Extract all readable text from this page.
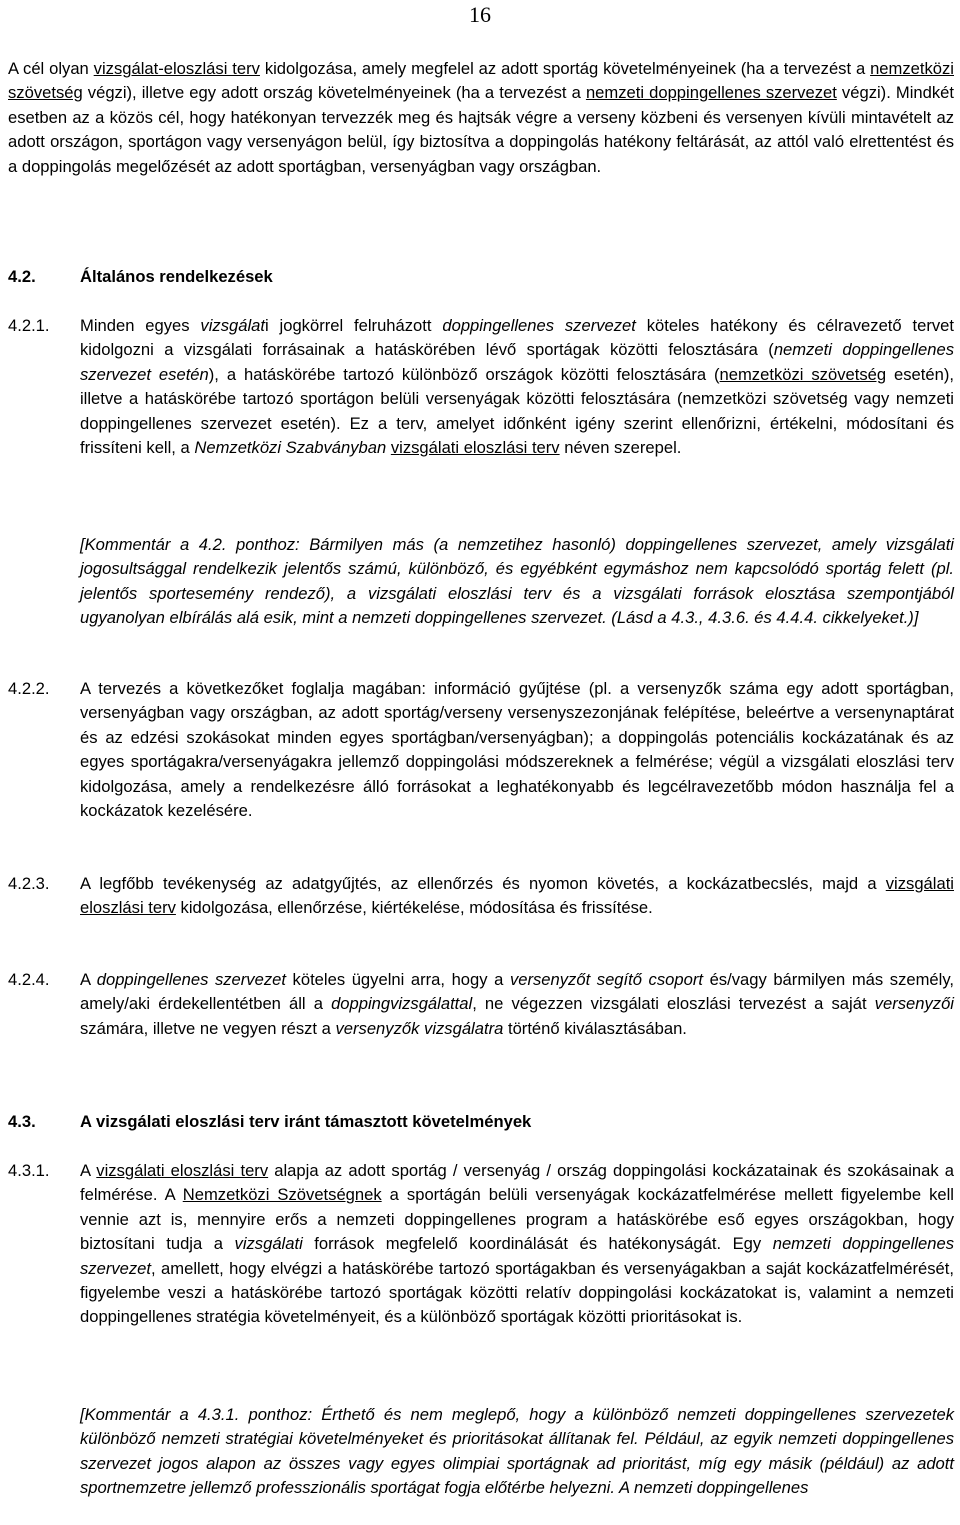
16

A cél olyan vizsgálat-eloszlási terv kidolgozása, amely megfelel az adott sportág követelményeinek (ha a tervezést a nemzetközi szövetség végzi), illetve egy adott ország követelményeinek (ha a tervezést a nemzeti doppingellenes szervezet végzi). Mindkét esetben az a közös cél, hogy hatékonyan tervezzék meg és hajtsák végre a verseny közbeni és versenyen kívüli mintavételt az adott országon, sportágon vagy versenyágon belül, így biztosítva a doppingolás hatékony feltárását, az attól való elrettentést és a doppingolás megelőzését az adott sportágban, versenyágban vagy országban.

4.2.	Általános rendelkezések
4.2.1. Minden egyes vizsgálati jogkörrel felruházott doppingellenes szervezet köteles hatékony és célravezető tervet kidolgozni a vizsgálati forrásainak a hatáskörében lévő sportágak közötti felosztására (nemzeti doppingellenes szervezet esetén), a hatáskörébe tartozó különböző országok közötti felosztására (nemzetközi szövetség esetén), illetve a hatáskörébe tartozó sportágon belüli versenyágak közötti felosztására (nemzetközi szövetség vagy nemzeti doppingellenes szervezet esetén). Ez a terv, amelyet időnként igény szerint ellenőrizni, értékelni, módosítani és frissíteni kell, a Nemzetközi Szabványban vizsgálati eloszlási terv néven szerepel.

[Kommentár a 4.2. ponthoz: Bármilyen más (a nemzetihez hasonló) doppingellenes szervezet, amely vizsgálati jogosultsággal rendelkezik jelentős számú, különböző, és egyébként egymáshoz nem kapcsolódó sportág felett (pl. jelentős sportesemény rendező), a vizsgálati eloszlási terv és a vizsgálati források elosztása szempontjából ugyanolyan elbírálás alá esik, mint a nemzeti doppingellenes szervezet. (Lásd a 4.3., 4.3.6. és 4.4.4. cikkelyeket.)]

4.2.2. A tervezés a következőket foglalja magában: információ gyűjtése (pl. a versenyzők száma egy adott sportágban, versenyágban vagy országban, az adott sportág/verseny versenyszezonjának felépítése, beleértve a versenynaptárat és az edzési szokásokat minden egyes sportágban/versenyágban); a doppingolás potenciális kockázatának és az egyes sportágakra/versenyágakra jellemző doppingolási módszereknek a felmérése; végül a vizsgálati eloszlási terv kidolgozása, amely a rendelkezésre álló forrásokat a leghatékonyabb és legcélravezetőbb módon használja fel a kockázatok kezelésére.

4.2.3. A legfőbb tevékenység az adatgyűjtés, az ellenőrzés és nyomon követés, a kockázatbecslés, majd a vizsgálati eloszlási terv kidolgozása, ellenőrzése, kiértékelése, módosítása és frissítése.

4.2.4. A doppingellenes szervezet köteles ügyelni arra, hogy a versenyzőt segítő csoport és/vagy bármilyen más személy, amely/aki érdekellentétben áll a doppingvizsgálattal, ne végezzen vizsgálati eloszlási tervezést a saját versenyzői számára, illetve ne vegyen részt a versenyzők vizsgálatra történő kiválasztásában.

4.3.	A vizsgálati eloszlási terv iránt támasztott követelmények
4.3.1. A vizsgálati eloszlási terv alapja az adott sportág / versenyág / ország doppingolási kockázatainak és szokásainak a felmérése. A Nemzetközi Szövetségnek a sportágán belüli versenyágak kockázatfelmérése mellett figyelembe kell vennie azt is, mennyire erős a nemzeti doppingellenes program a hatáskörébe eső egyes országokban, hogy biztosítani tudja a vizsgálati források megfelelő koordinálását és hatékonyságát. Egy nemzeti doppingellenes szervezet, amellett, hogy elvégzi a hatáskörébe tartozó sportágakban és versenyágakban a saját kockázatfelmérését, figyelembe veszi a hatáskörébe tartozó sportágak közötti relatív doppingolási kockázatokat is, valamint a nemzeti doppingellenes stratégia követelményeit, és a különböző sportágak közötti prioritásokat is.

[Kommentár a 4.3.1. ponthoz: Érthető és nem meglepő, hogy a különböző nemzeti doppingellenes szervezetek különböző nemzeti stratégiai követelményeket és prioritásokat állítanak fel. Például, az egyik nemzeti doppingellenes szervezet jogos alapon az összes vagy egyes olimpiai sportágnak ad prioritást, míg egy másik (például) az adott sportnemzetre jellemző professzionális sportágat fogja előtérbe helyezni. A nemzeti doppingellenes
